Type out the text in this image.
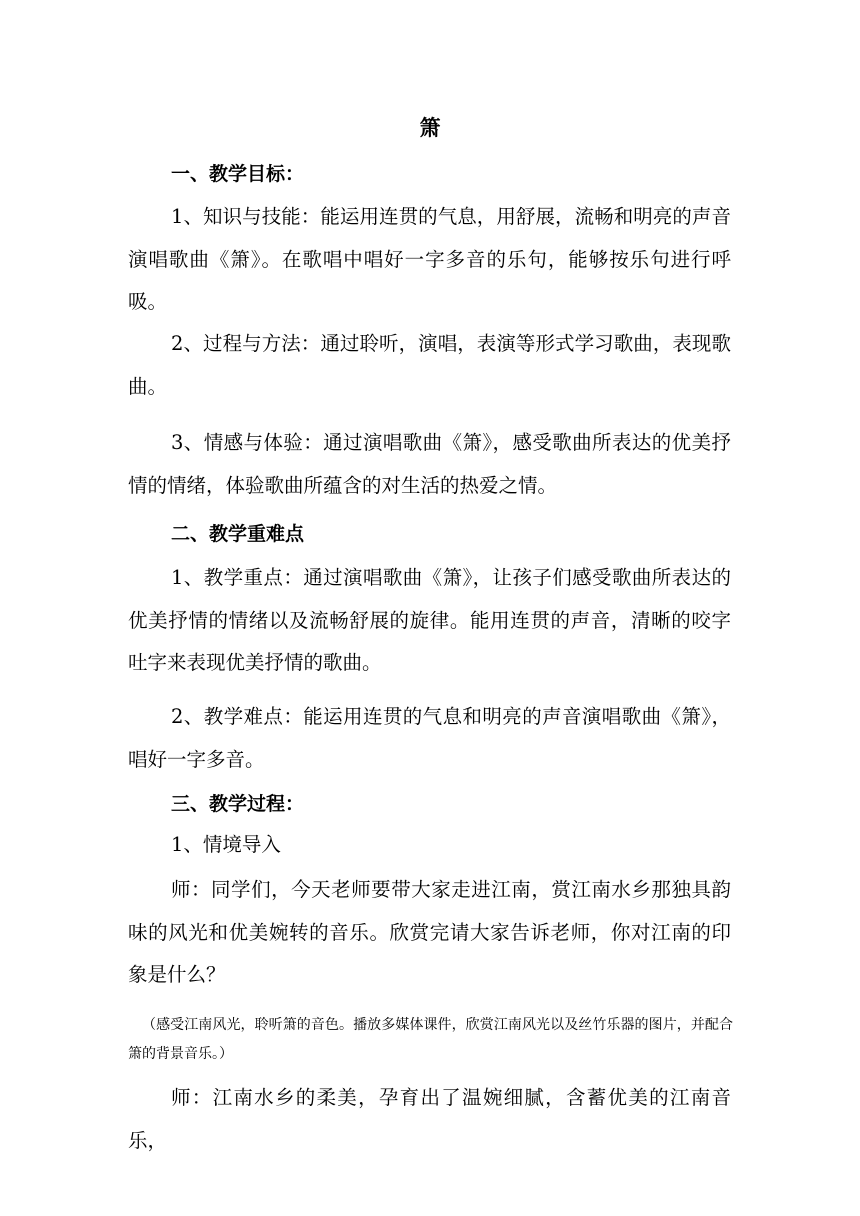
箫
一、教学目标：

1、知识与技能：能运用连贯的气息，用舒展，流畅和明亮的声音演唱歌曲《箫》。在歌唱中唱好一字多音的乐句，能够按乐句进行呼吸。

2、过程与方法：通过聆听，演唱，表演等形式学习歌曲，表现歌曲。

3、情感与体验：通过演唱歌曲《箫》，感受歌曲所表达的优美抒情的情绪，体验歌曲所蕴含的对生活的热爱之情。

二、教学重难点

1、教学重点：通过演唱歌曲《箫》，让孩子们感受歌曲所表达的优美抒情的情绪以及流畅舒展的旋律。能用连贯的声音，清晰的咬字吐字来表现优美抒情的歌曲。

2、教学难点：能运用连贯的气息和明亮的声音演唱歌曲《箫》，唱好一字多音。

三、教学过程：

1、情境导入

师：同学们，今天老师要带大家走进江南，赏江南水乡那独具韵味的风光和优美婉转的音乐。欣赏完请大家告诉老师，你对江南的印象是什么？

（感受江南风光，聆听箫的音色。播放多媒体课件，欣赏江南风光以及丝竹乐器的图片，并配合箫的背景音乐。）

师：江南水乡的柔美，孕育出了温婉细腻，含蓄优美的江南音乐，
